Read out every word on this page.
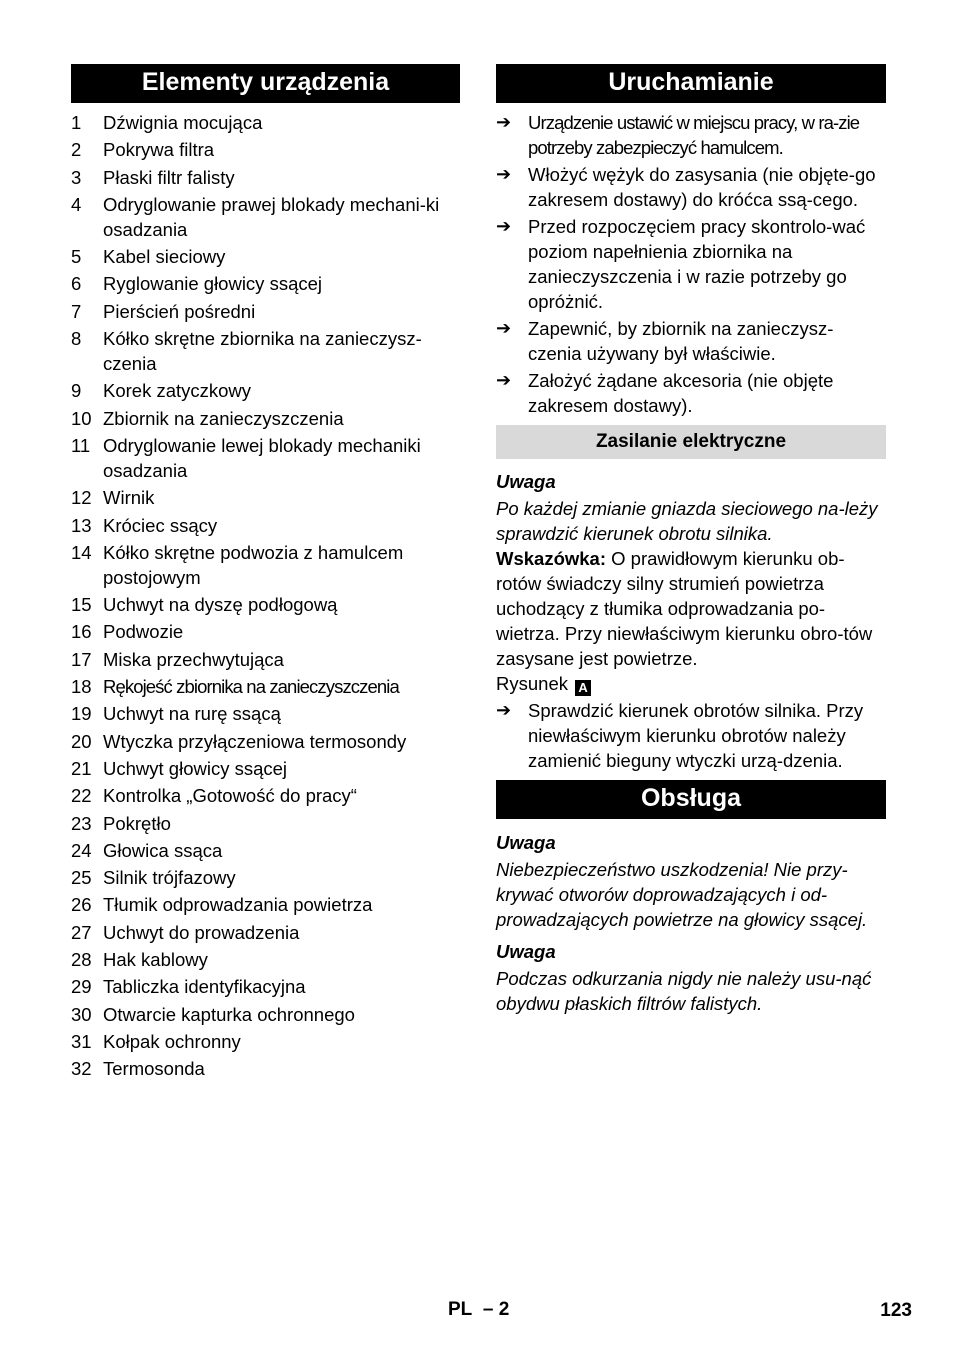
Elementy urządzenia
1	Dźwignia mocująca
2	Pokrywa filtra
3	Płaski filtr falisty
4	Odryglowanie prawej blokady mechani-ki osadzania
5	Kabel sieciowy
6	Ryglowanie głowicy ssącej
7	Pierścień pośredni
8	Kółko skrętne zbiornika na zanieczysz-czenia
9	Korek zatyczkowy
10 Zbiornik na zanieczyszczenia
11 Odryglowanie lewej blokady mechaniki osadzania
12 Wirnik
13 Króciec ssący
14 Kółko skrętne podwozia z hamulcem postojowym
15 Uchwyt na dyszę podłogową
16 Podwozie
17 Miska przechwytująca
18 Rękojeść zbiornika na zanieczyszczenia
19 Uchwyt na rurę ssącą
20 Wtyczka przyłączeniowa termosondy
21 Uchwyt głowicy ssącej
22 Kontrolka „Gotowość do pracy“
23 Pokrętło
24 Głowica ssąca
25 Silnik trójfazowy
26 Tłumik odprowadzania powietrza
27 Uchwyt do prowadzenia
28 Hak kablowy
29 Tabliczka identyfikacyjna
30 Otwarcie kapturka ochronnego
31 Kołpak ochronny
32 Termosonda
Uruchamianie
➔ Urządzenie ustawić w miejscu pracy, w ra-zie potrzeby zabezpieczyć hamulcem.
➔ Włożyć wężyk do zasysania (nie objęte-go zakresem dostawy) do króćca ssą-cego.
➔ Przed rozpoczęciem pracy skontrolo-wać poziom napełnienia zbiornika na zanieczyszczenia i w razie potrzeby go opróżnić.
➔ Zapewnić, by zbiornik na zanieczysz-czenia używany był właściwie.
➔ Założyć żądane akcesoria (nie objęte zakresem dostawy).
Zasilanie elektryczne
Uwaga
Po każdej zmianie gniazda sieciowego na-leży sprawdzić kierunek obrotu silnika.
Wskazówka: O prawidłowym kierunku ob-rotów świadczy silny strumień powietrza uchodzący z tłumika odprowadzania po-wietrza. Przy niewłaściwym kierunku obro-tów zasysane jest powietrze.
Rysunek A
➔ Sprawdzić kierunek obrotów silnika. Przy niewłaściwym kierunku obrotów należy zamienić bieguny wtyczki urzą-dzenia.
Obsługa
Uwaga
Niebezpieczeństwo uszkodzenia! Nie przy-krywać otworów doprowadzających i od-prowadzających powietrze na głowicy ssącej.
Uwaga
Podczas odkurzania nigdy nie należy usu-nąć obydwu płaskich filtrów falistych.
PL – 2	123
